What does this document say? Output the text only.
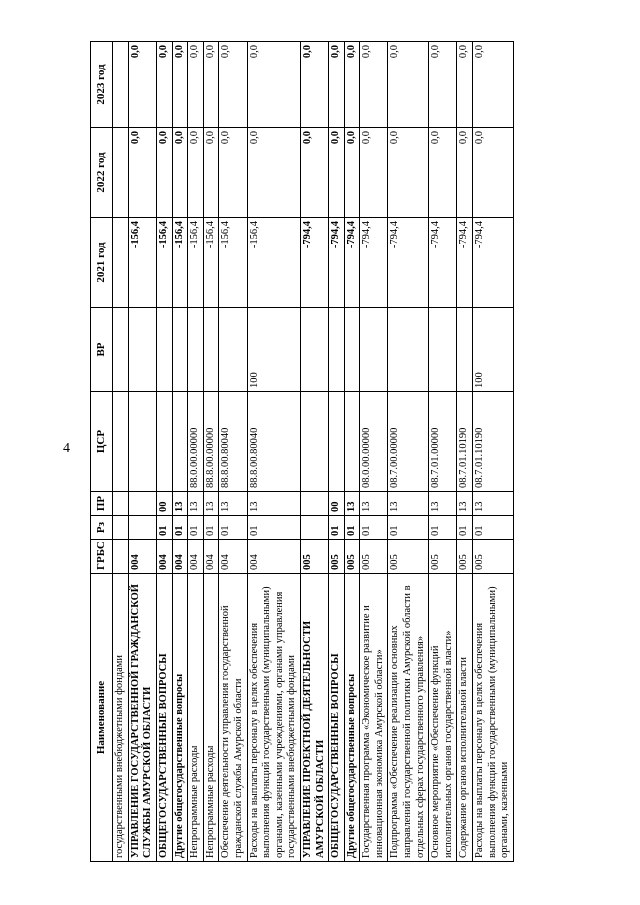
4
Наименование	ГРБС	Рз	ПР	ЦСР	ВР	2021 год	2022 год	2023 год
государственными внебюджетными фондами								
УПРАВЛЕНИЕ ГОСУДАРСТВЕННОЙ ГРАЖДАНСКОЙ СЛУЖБЫ АМУРСКОЙ ОБЛАСТИ	004					-156,4	0,0	0,0
ОБЩЕГОСУДАРСТВЕННЫЕ ВОПРОСЫ	004	01	00			-156,4	0,0	0,0
Другие общегосударственные вопросы	004	01	13			-156,4	0,0	0,0
Непрограммные расходы	004	01	13	88.0.00.00000		-156,4	0,0	0,0
Непрограммные расходы	004	01	13	88.8.00.00000		-156,4	0,0	0,0
Обеспечение деятельности управления государственной гражданской службы Амурской области	004	01	13	88.8.00.80040		-156,4	0,0	0,0
Расходы на выплаты персоналу в целях обеспечения выполнения функций государственными (муниципальными) органами, казенными учреждениями, органами управления государственными внебюджетными фондами	004	01	13	88.8.00.80040	100	-156,4	0,0	0,0
УПРАВЛЕНИЕ ПРОЕКТНОЙ ДЕЯТЕЛЬНОСТИ АМУРСКОЙ ОБЛАСТИ	005					-794,4	0,0	0,0
ОБЩЕГОСУДАРСТВЕННЫЕ ВОПРОСЫ	005	01	00			-794,4	0,0	0,0
Другие общегосударственные вопросы	005	01	13			-794,4	0,0	0,0
Государственная программа «Экономическое развитие и инновационная экономика Амурской области»	005	01	13	08.0.00.00000		-794,4	0,0	0,0
Подпрограмма «Обеспечение реализации основных направлений государственной политики Амурской области в отдельных сферах государственного управления»	005	01	13	08.7.00.00000		-794,4	0,0	0,0
Основное мероприятие «Обеспечение функций исполнительных органов государственной власти»	005	01	13	08.7.01.00000		-794,4	0,0	0,0
Содержание органов исполнительной власти	005	01	13	08.7.01.10190		-794,4	0,0	0,0
Расходы на выплаты персоналу в целях обеспечения выполнения функций государственными (муниципальными) органами, казенными	005	01	13	08.7.01.10190	100	-794,4	0,0	0,0
